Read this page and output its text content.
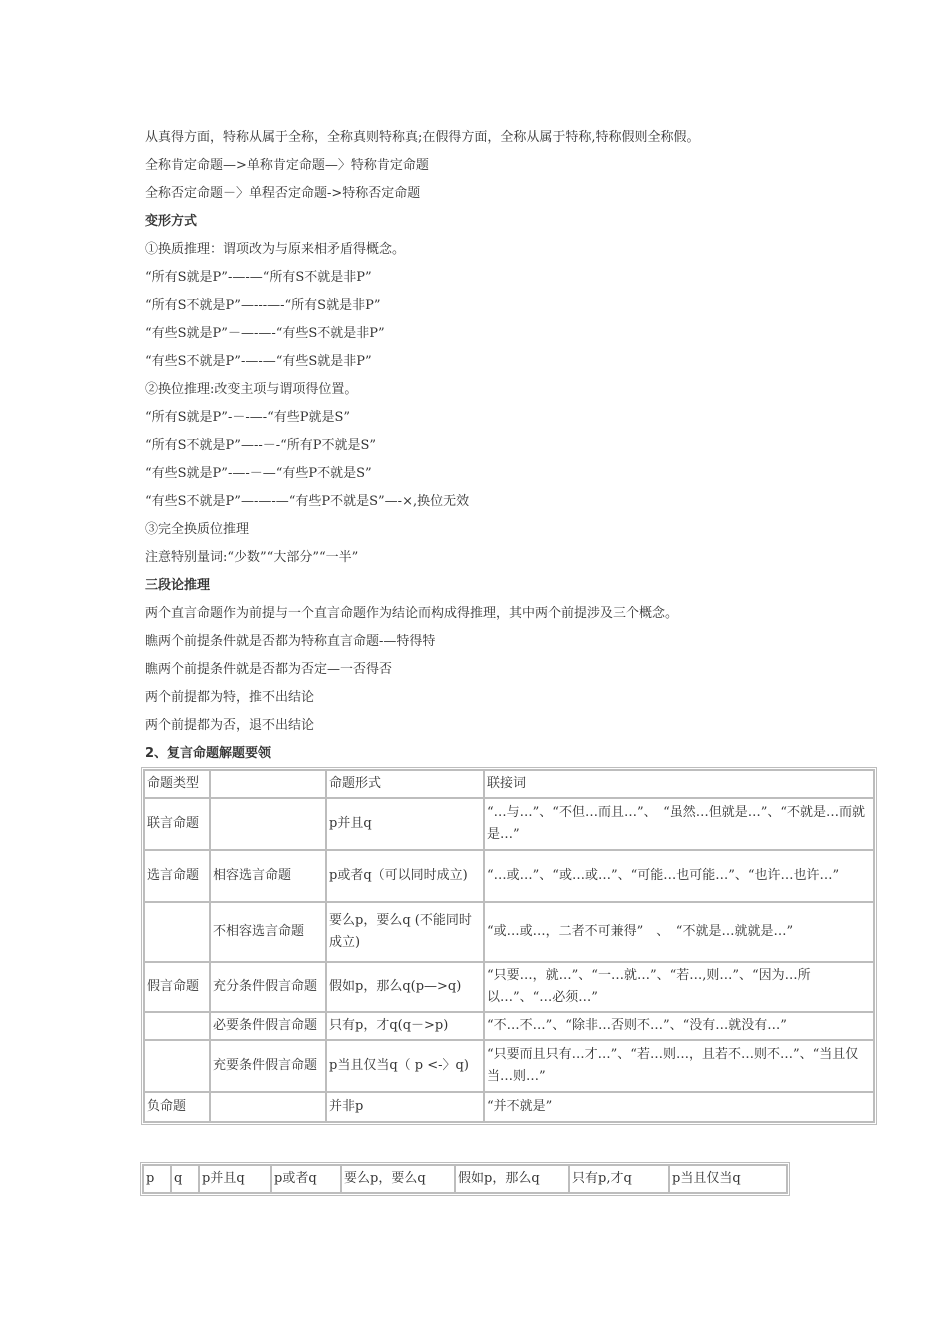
从真得方面，特称从属于全称，全称真则特称真;在假得方面，全称从属于特称,特称假则全称假。
全称肯定命题—>单称肯定命题—〉特称肯定命题
全称否定命题－〉单程否定命题->特称否定命题
变形方式
①换质推理：谓项改为与原来相矛盾得概念。
“所有S就是P”-—-—“所有S不就是非P”
“所有S不就是P”—---—-“所有S就是非P”
“有些S就是P”－—-—-“有些S不就是非P”
“有些S不就是P”-—-—“有些S就是非P”
②换位推理:改变主项与谓项得位置。
“所有S就是P”-－-—-“有些P就是S”
“所有S不就是P”—--－-“所有P不就是S”
“有些S就是P”-—-－—“有些P不就是S”
“有些S不就是P”—-—-—“有些P不就是S”—-×,换位无效
③完全换质位推理
注意特别量词:“少数”“大部分”“一半”
三段论推理
两个直言命题作为前提与一个直言命题作为结论而构成得推理，其中两个前提涉及三个概念。
瞧两个前提条件就是否都为特称直言命题-—特得特
瞧两个前提条件就是否都为否定—一否得否
两个前提都为特，推不出结论
两个前提都为否，退不出结论
2、复言命题解题要领
命题类型		命题形式	联接词
联言命题		p并且q	“…与…”、“不但…而且…”、　“虽然…但就是…”、“不就是…而就是…”
选言命题	相容选言命题	p或者q（可以同时成立)	“…或…”、“或…或…”、“可能…也可能…”、“也许…也许…”
	不相容选言命题	要么p，要么q (不能同时成立)	“或…或…，二者不可兼得”　、　“不就是…就就是…”
假言命题	充分条件假言命题	假如p，那么q(p—>q)	“只要…，就…”、“一…就…”、“若…,则…”、“因为…所以…”、“…必须…”
	必要条件假言命题	只有p，才q(q－>p)	“不…不…”、“除非…否则不…”、“没有…就没有…”
	充要条件假言命题	p当且仅当q（ p <-〉q)	“只要而且只有…才…”、“若…则…，且若不…则不…”、“当且仅当…则…”
负命题		并非p	“并不就是”
p	q	p并且q	p或者q	要么p，要么q	假如p，那么q	只有p,才q	p当且仅当q
